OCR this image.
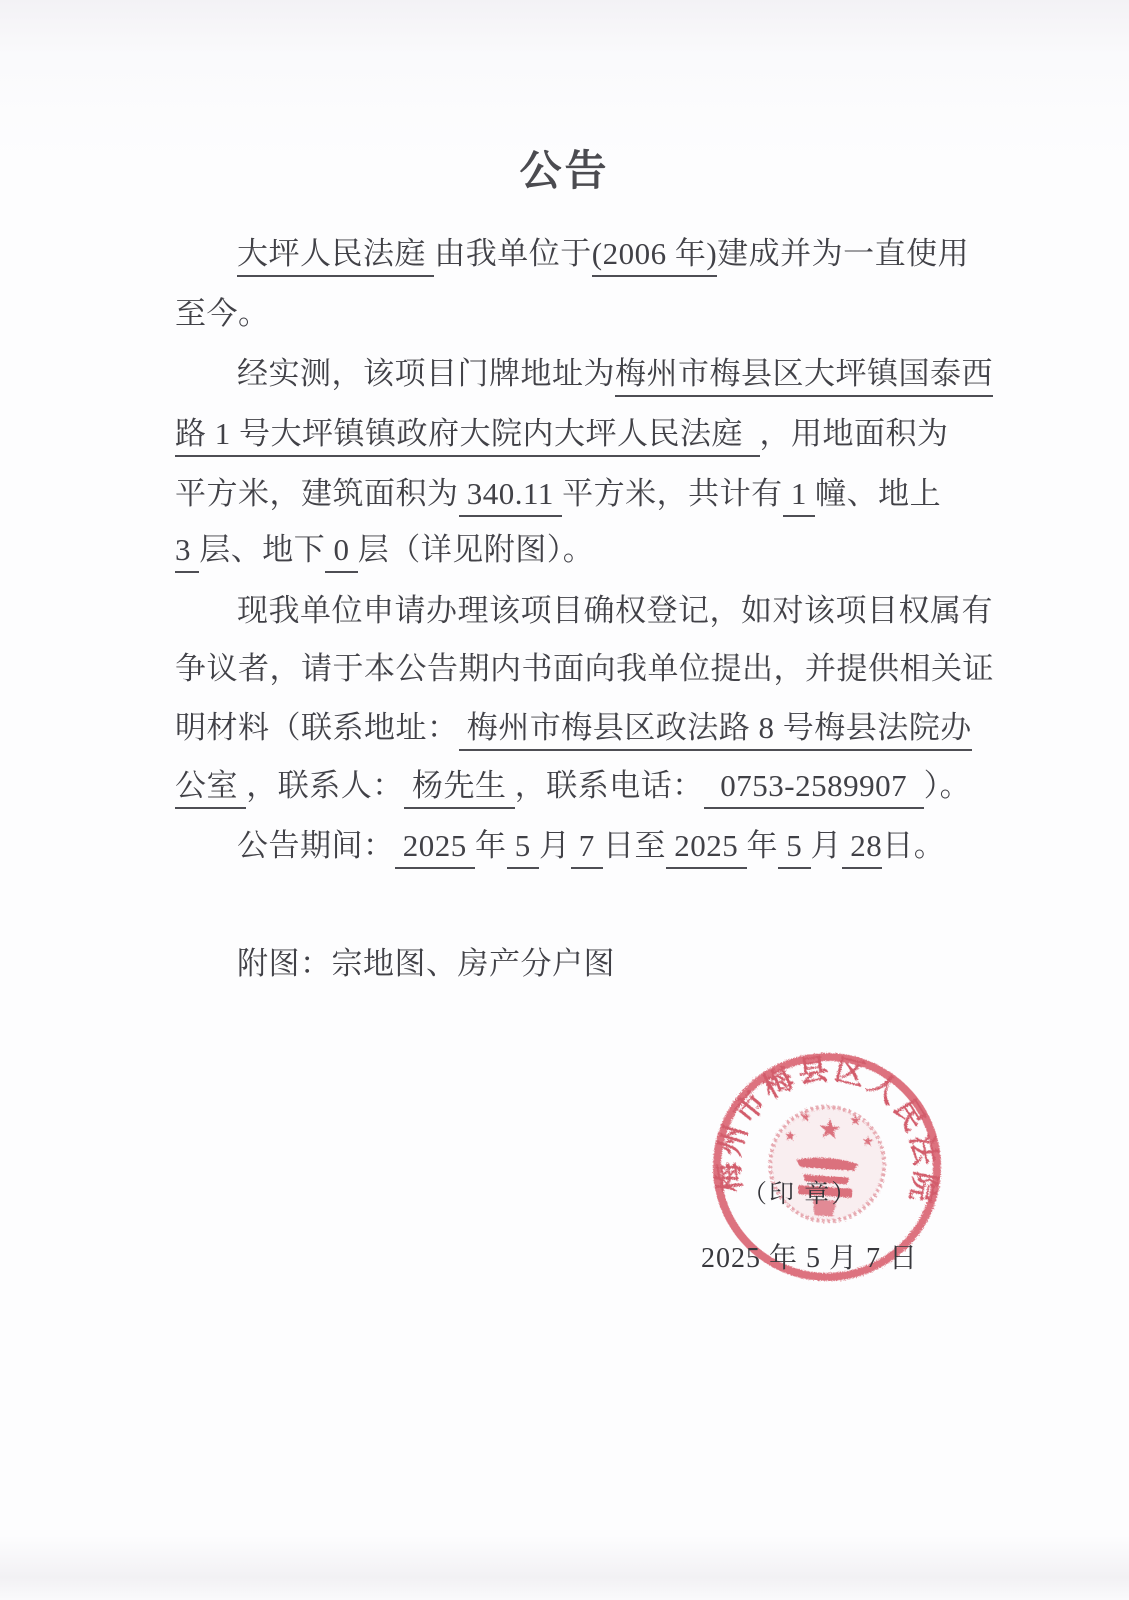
公告
大坪人民法庭 由我单位于(2006 年)建成并为一直使用
至今。
经实测，该项目门牌地址为梅州市梅县区大坪镇国泰西
路 1 号大坪镇镇政府大院内大坪人民法庭  ，用地面积为
平方米，建筑面积为 340.11 平方米，共计有 1 幢、地上
3 层、地下 0 层（详见附图）。
现我单位申请办理该项目确权登记，如对该项目权属有
争议者，请于本公告期内书面向我单位提出，并提供相关证
明材料（联系地址： 梅州市梅县区政法路 8 号梅县法院办
公室 ，联系人： 杨先生 ，联系电话：  0753-2589907  ）。
公告期间： 2025 年 5 月 7 日至 2025 年 5 月 28日。
附图：宗地图、房产分户图
梅州市梅县区人民法院
★
★	★
★	★
（印 章）
2025 年 5 月 7 日
